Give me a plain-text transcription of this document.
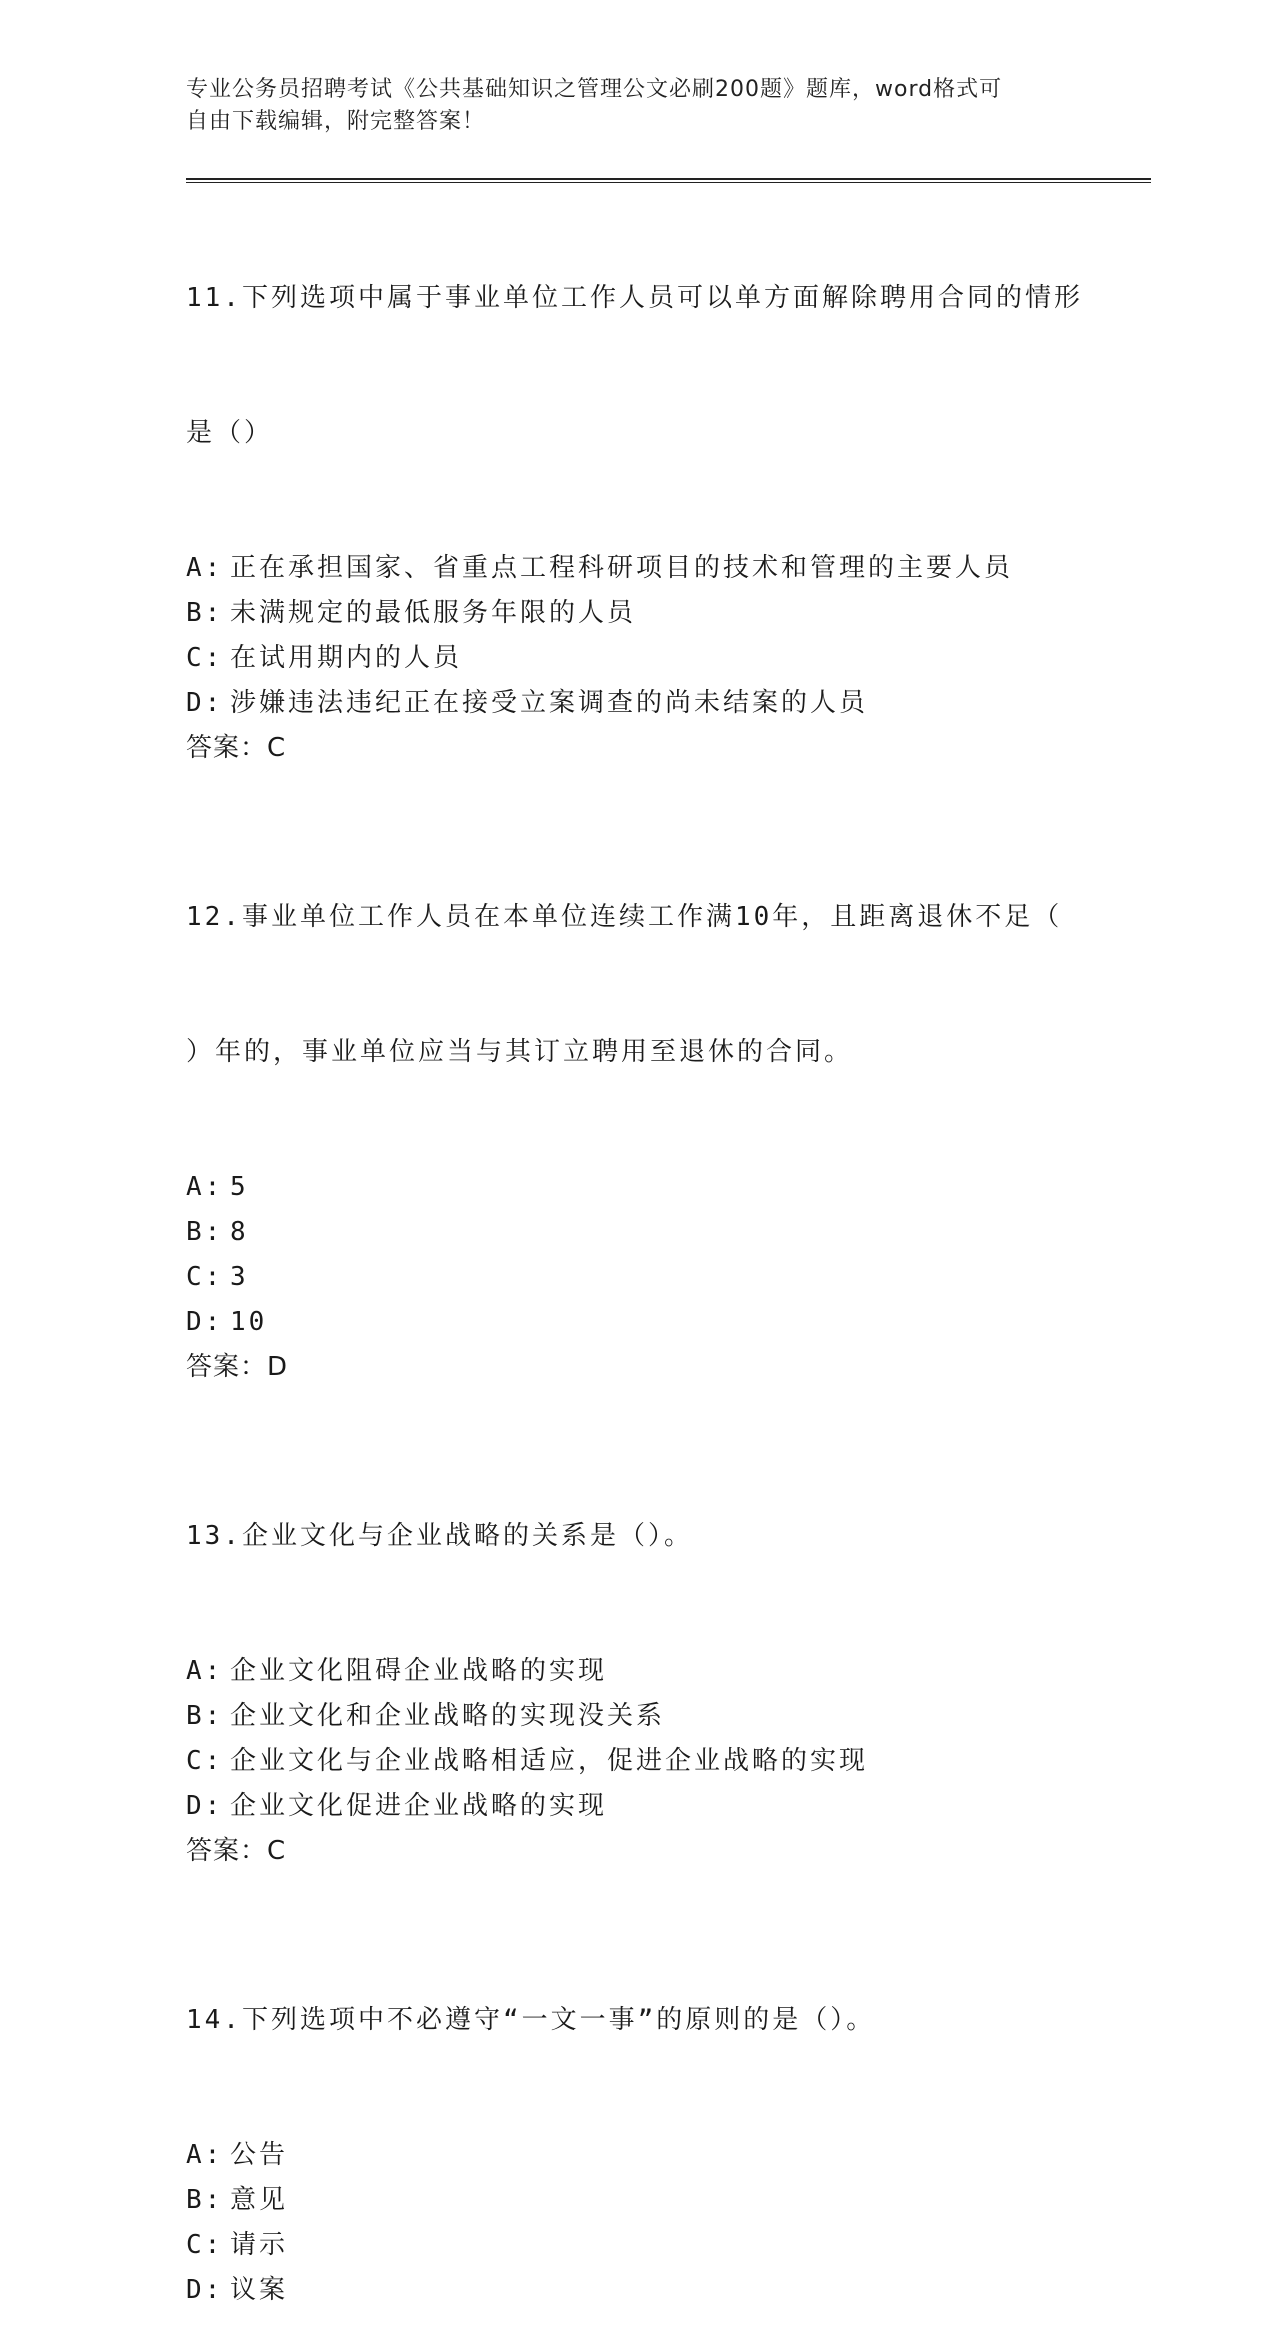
专业公务员招聘考试《公共基础知识之管理公文必刷200题》题库，word格式可
自由下载编辑，附完整答案！

11.下列选项中属于事业单位工作人员可以单方面解除聘用合同的情形

是（）

A: 正在承担国家、省重点工程科研项目的技术和管理的主要人员
B: 未满规定的最低服务年限的人员
C: 在试用期内的人员
D: 涉嫌违法违纪正在接受立案调查的尚未结案的人员
答案：C

12.事业单位工作人员在本单位连续工作满10年，且距离退休不足（

）年的，事业单位应当与其订立聘用至退休的合同。

A: 5
B: 8
C: 3
D: 10
答案：D

13.企业文化与企业战略的关系是（）。

A: 企业文化阻碍企业战略的实现
B: 企业文化和企业战略的实现没关系
C: 企业文化与企业战略相适应，促进企业战略的实现
D: 企业文化促进企业战略的实现
答案：C

14.下列选项中不必遵守“一文一事”的原则的是（）。

A: 公告
B: 意见
C: 请示
D: 议案
